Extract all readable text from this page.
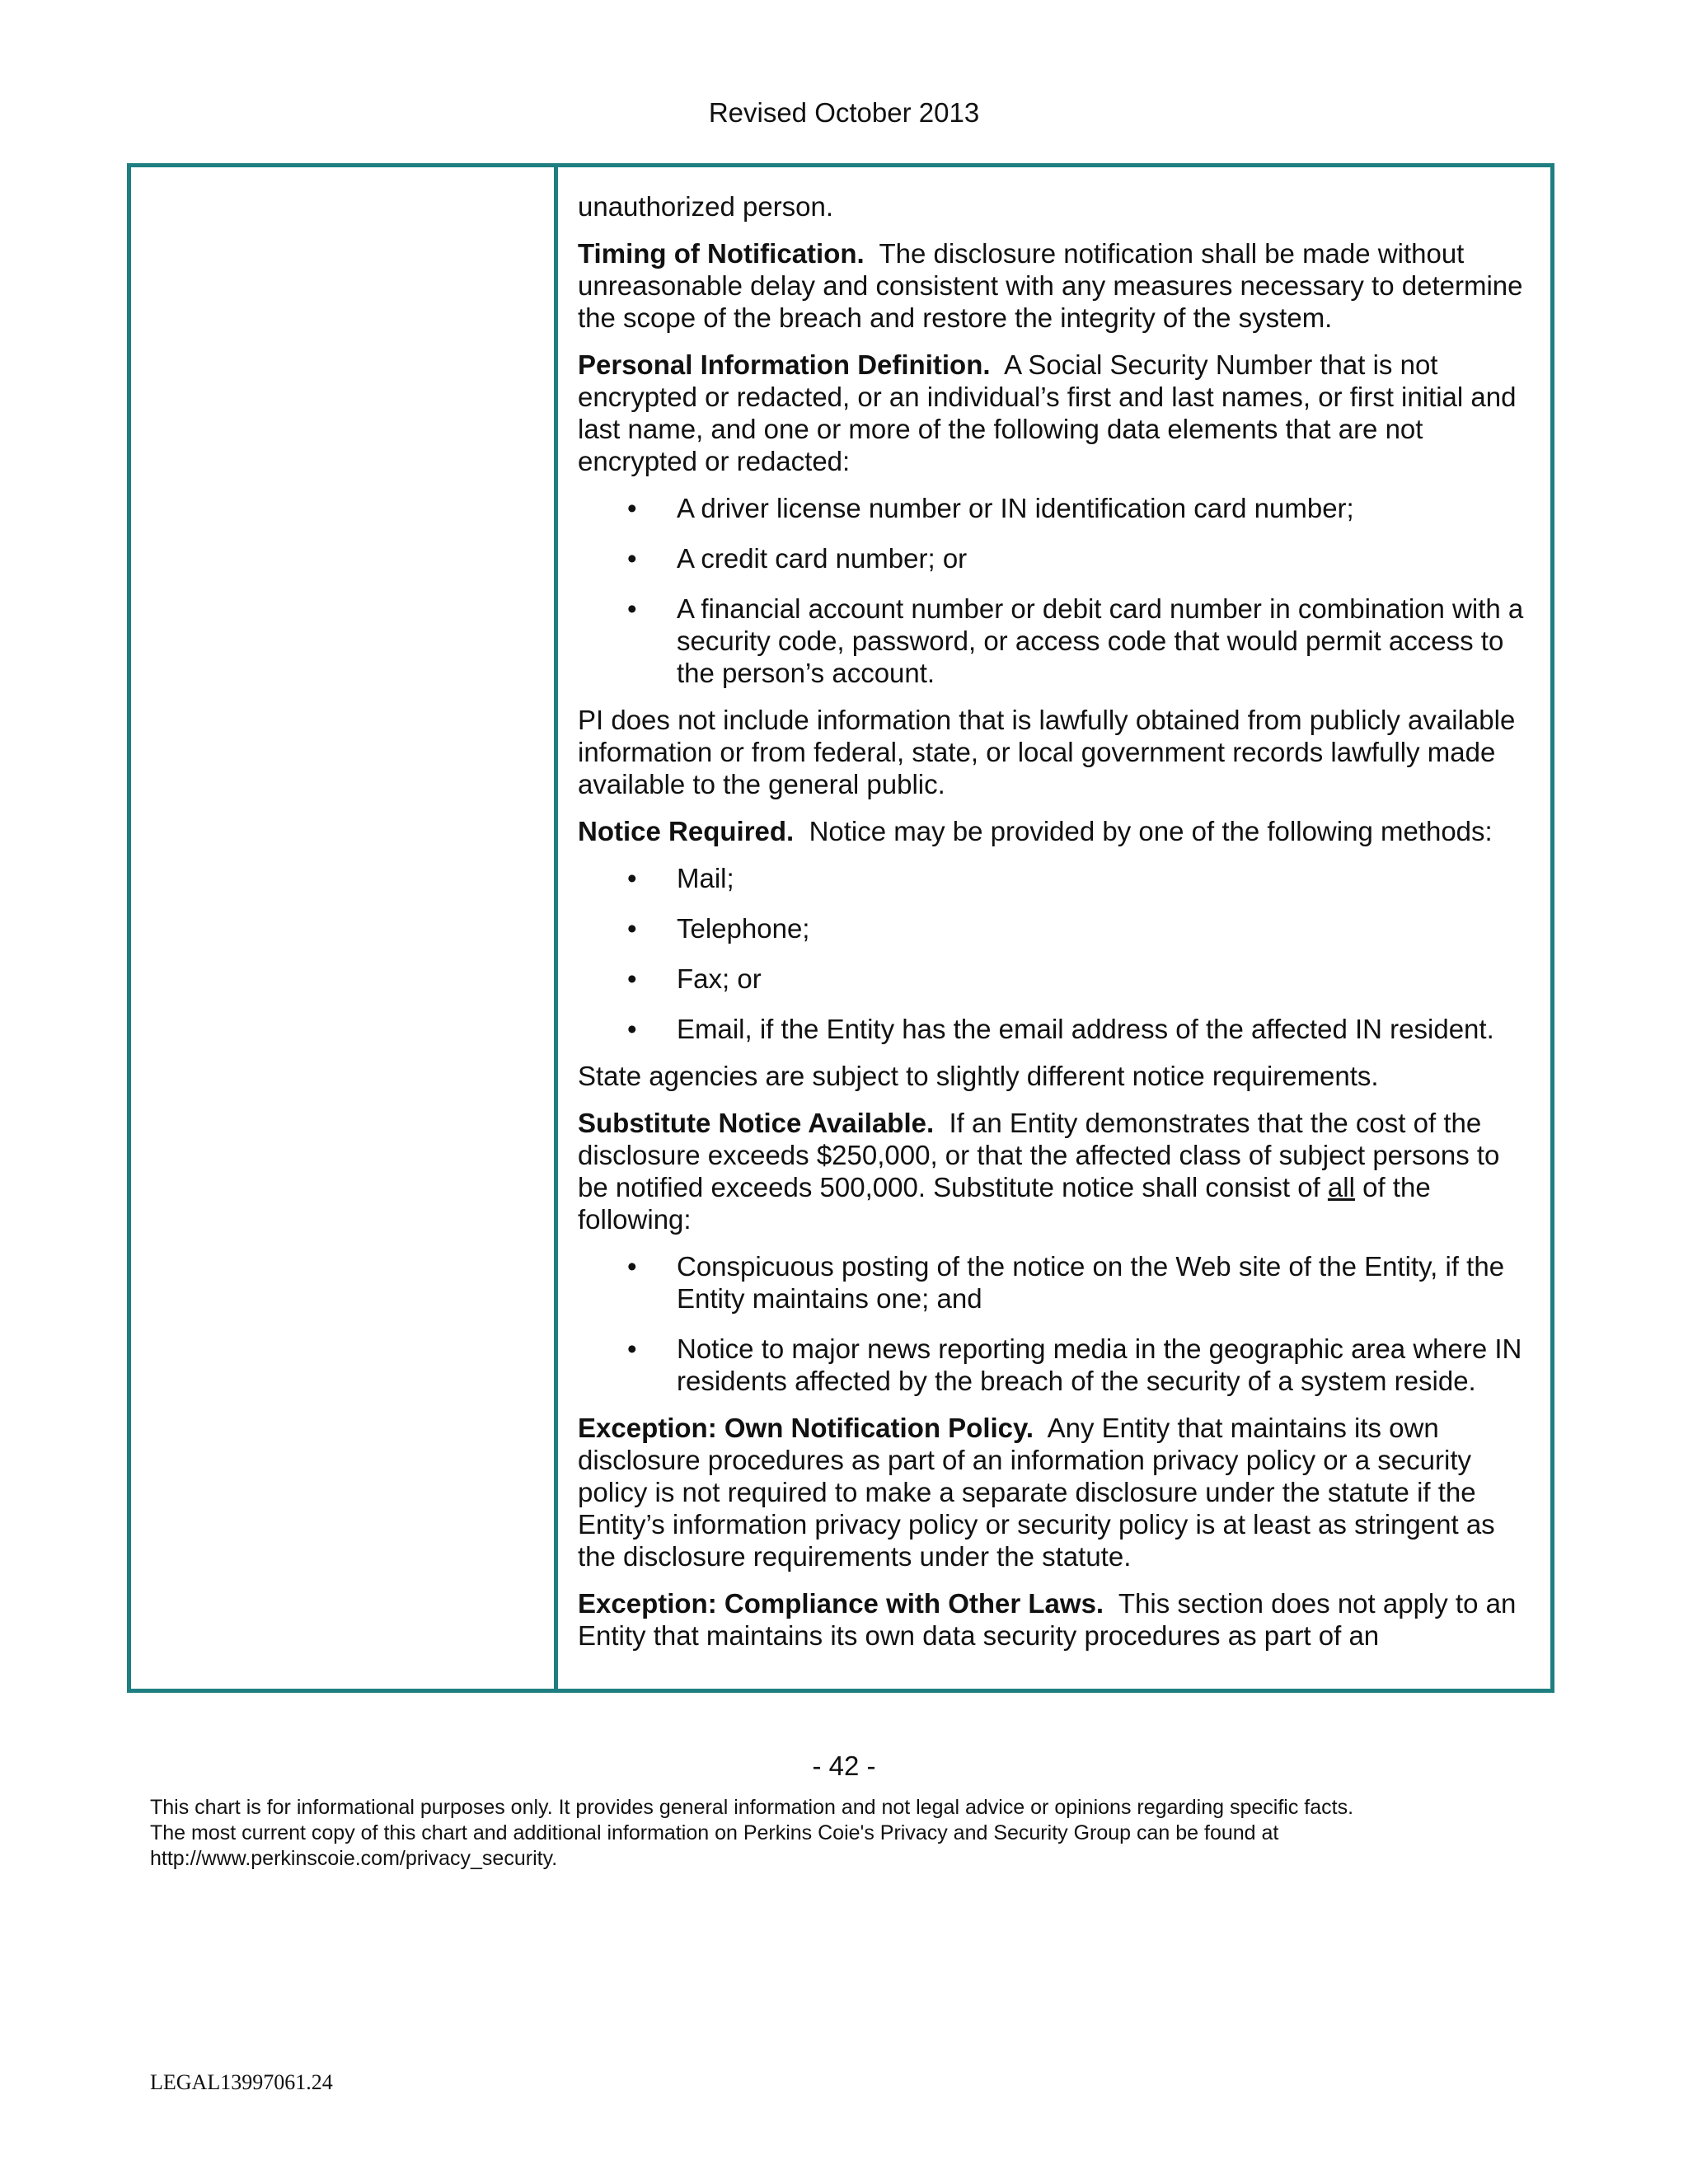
Revised October 2013

unauthorized person.

Timing of Notification. The disclosure notification shall be made without unreasonable delay and consistent with any measures necessary to determine the scope of the breach and restore the integrity of the system.

Personal Information Definition. A Social Security Number that is not encrypted or redacted, or an individual’s first and last names, or first initial and last name, and one or more of the following data elements that are not encrypted or redacted:

• A driver license number or IN identification card number;
• A credit card number; or
• A financial account number or debit card number in combination with a security code, password, or access code that would permit access to the person’s account.

PI does not include information that is lawfully obtained from publicly available information or from federal, state, or local government records lawfully made available to the general public.

Notice Required. Notice may be provided by one of the following methods:

• Mail;
• Telephone;
• Fax; or
• Email, if the Entity has the email address of the affected IN resident.

State agencies are subject to slightly different notice requirements.

Substitute Notice Available. If an Entity demonstrates that the cost of the disclosure exceeds $250,000, or that the affected class of subject persons to be notified exceeds 500,000. Substitute notice shall consist of all of the following:

• Conspicuous posting of the notice on the Web site of the Entity, if the Entity maintains one; and
• Notice to major news reporting media in the geographic area where IN residents affected by the breach of the security of a system reside.

Exception: Own Notification Policy. Any Entity that maintains its own disclosure procedures as part of an information privacy policy or a security policy is not required to make a separate disclosure under the statute if the Entity’s information privacy policy or security policy is at least as stringent as the disclosure requirements under the statute.

Exception: Compliance with Other Laws. This section does not apply to an Entity that maintains its own data security procedures as part of an

- 42 -
This chart is for informational purposes only. It provides general information and not legal advice or opinions regarding specific facts.
The most current copy of this chart and additional information on Perkins Coie's Privacy and Security Group can be found at
http://www.perkinscoie.com/privacy_security.
LEGAL13997061.24
